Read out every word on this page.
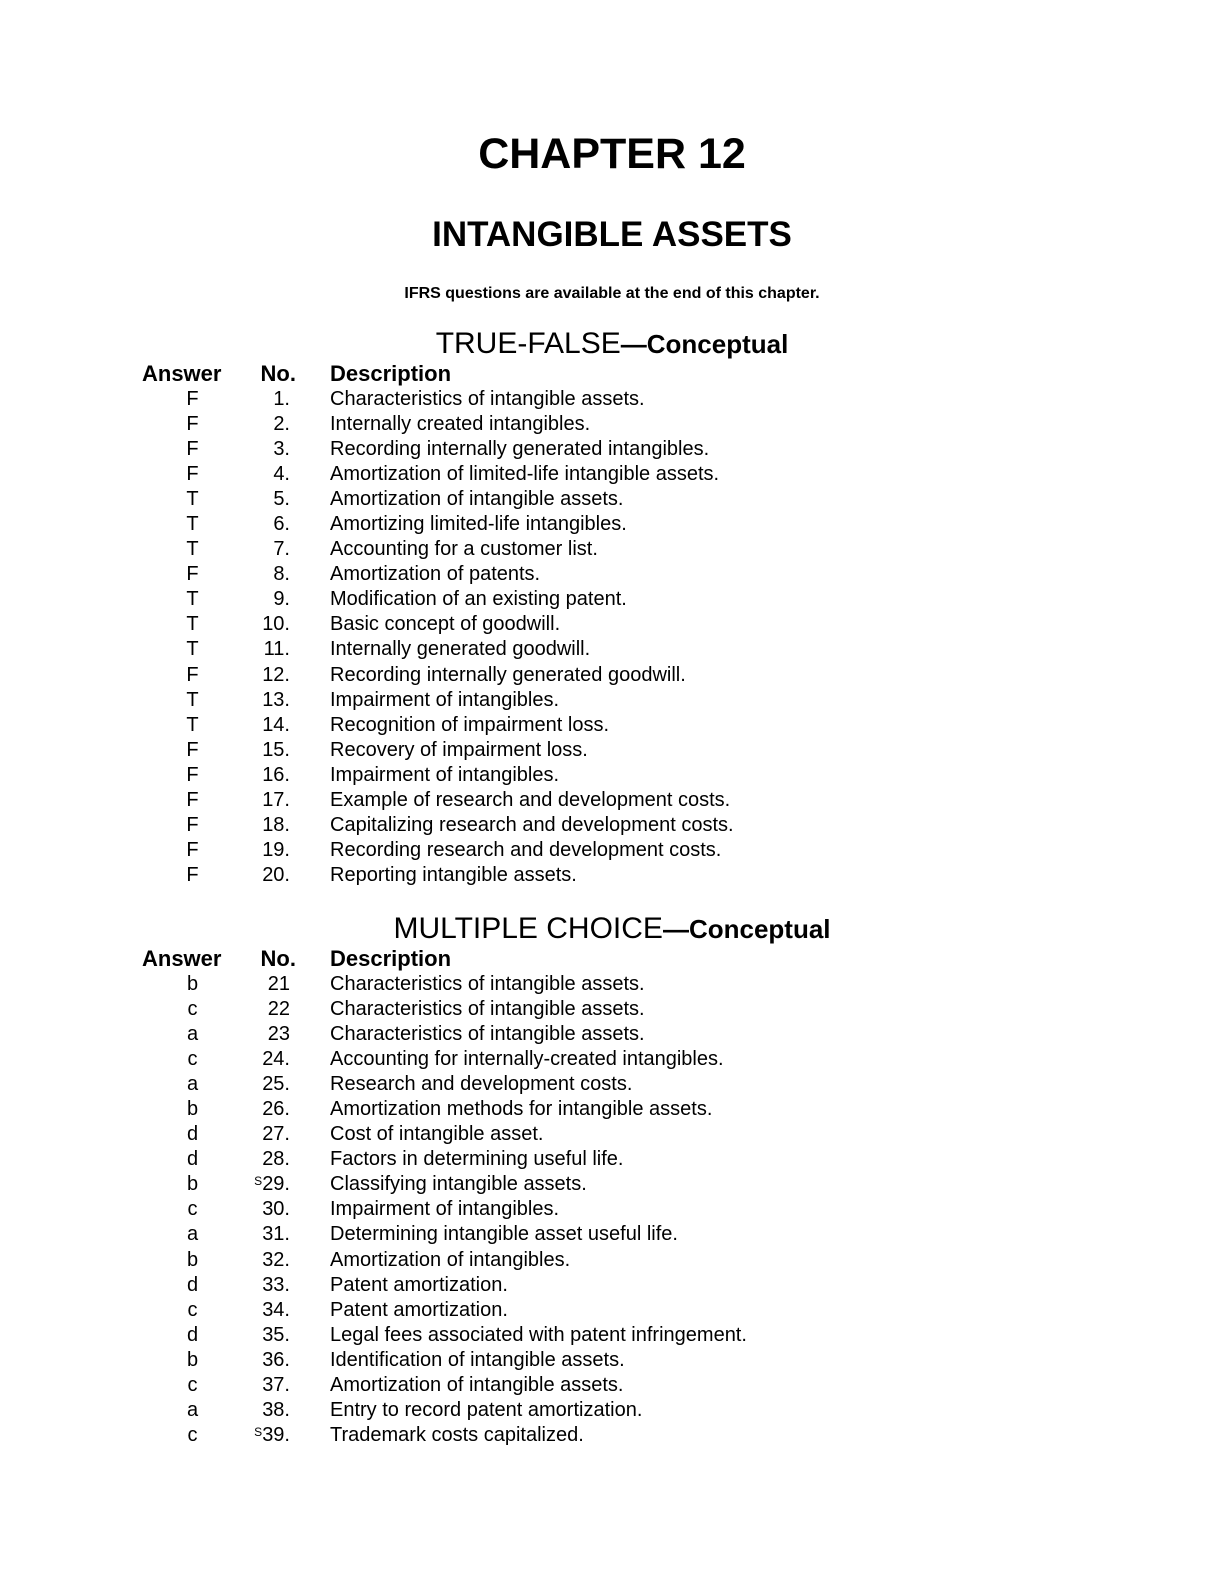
CHAPTER 12
INTANGIBLE ASSETS
IFRS questions are available at the end of this chapter.
TRUE-FALSE—Conceptual
Answer	No. Description
F	1. Characteristics of intangible assets.
F	2. Internally created intangibles.
F	3. Recording internally generated intangibles.
F	4. Amortization of limited-life intangible assets.
T	5. Amortization of intangible assets.
T	6. Amortizing limited-life intangibles.
T	7. Accounting for a customer list.
F	8. Amortization of patents.
T	9. Modification of an existing patent.
T	10. Basic concept of goodwill.
T	11. Internally generated goodwill.
F	12. Recording internally generated goodwill.
T	13. Impairment of intangibles.
T	14. Recognition of impairment loss.
F	15. Recovery of impairment loss.
F	16. Impairment of intangibles.
F	17. Example of research and development costs.
F	18. Capitalizing research and development costs.
F	19. Recording research and development costs.
F	20. Reporting intangible assets.
MULTIPLE CHOICE—Conceptual
Answer	No. Description
b	21 Characteristics of intangible assets.
c	22 Characteristics of intangible assets.
a	23 Characteristics of intangible assets.
c	24. Accounting for internally-created intangibles.
a	25. Research and development costs.
b	26. Amortization methods for intangible assets.
d	27. Cost of intangible asset.
d	28. Factors in determining useful life.
b	$^S$29. Classifying intangible assets.
c	30. Impairment of intangibles.
a	31. Determining intangible asset useful life.
b	32. Amortization of intangibles.
d	33. Patent amortization.
c	34. Patent amortization.
d	35. Legal fees associated with patent infringement.
b	36. Identification of intangible assets.
c	37. Amortization of intangible assets.
a	38. Entry to record patent amortization.
c	$^S$39. Trademark costs capitalized.
